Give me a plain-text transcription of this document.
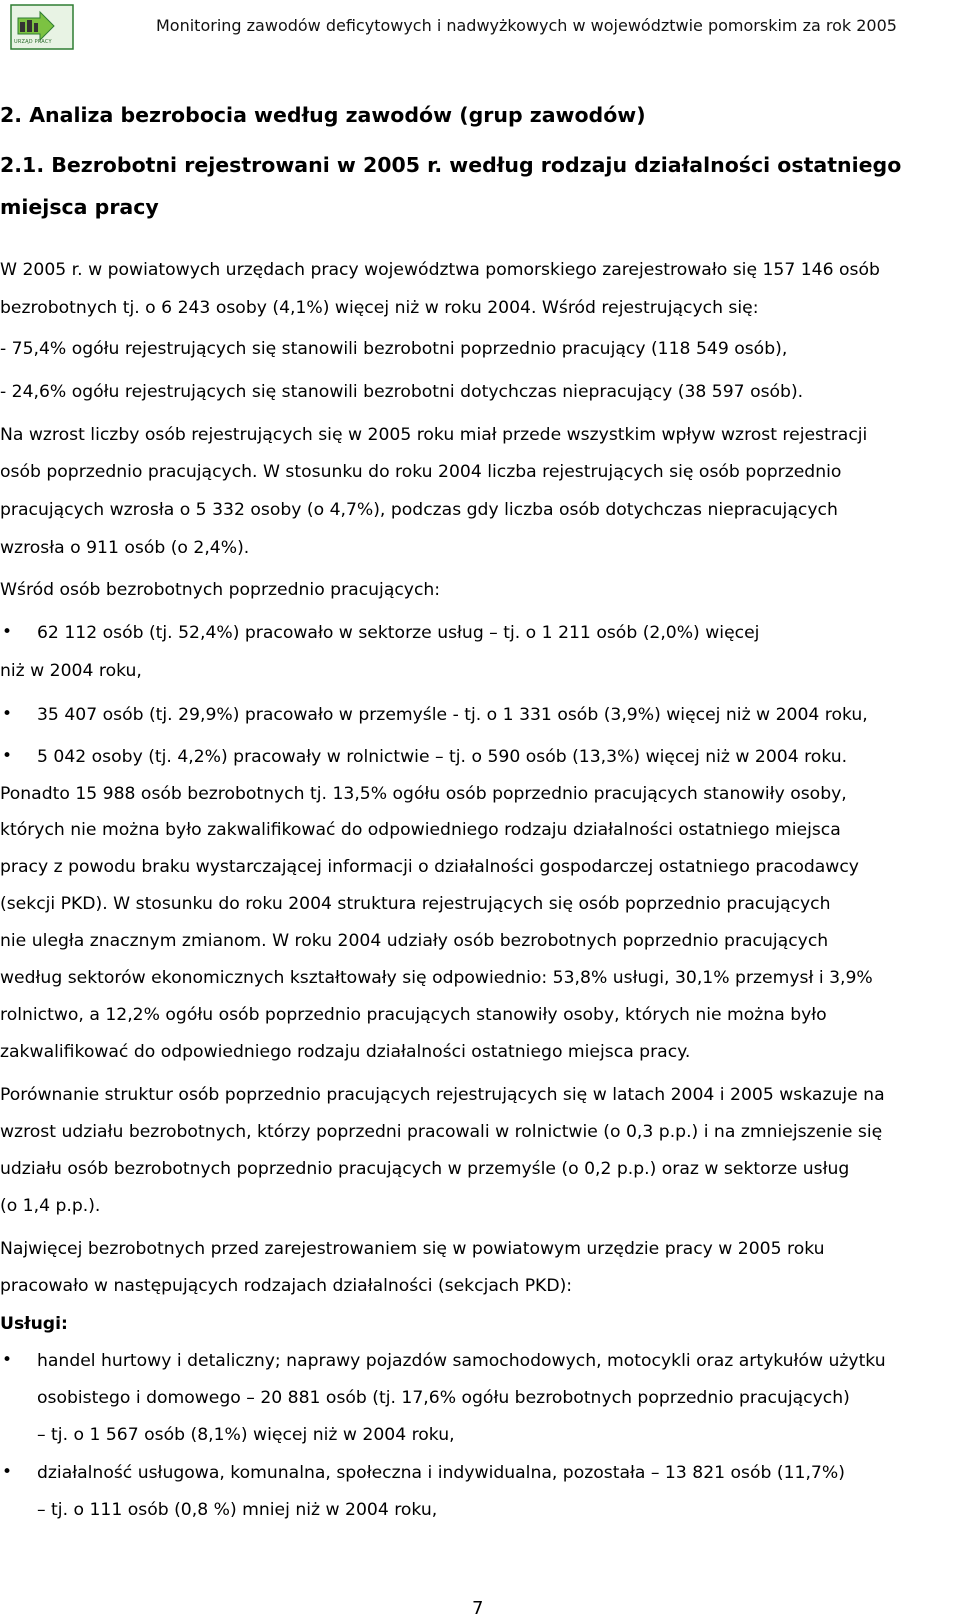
URZĄD PRACY
Monitoring zawodów deficytowych i nadwyżkowych w województwie pomorskim za rok 2005
2. Analiza bezrobocia według zawodów (grup zawodów)
2.1. Bezrobotni rejestrowani w 2005 r. według rodzaju działalności ostatniego
miejsca pracy
W 2005 r. w powiatowych urzędach pracy województwa pomorskiego zarejestrowało się 157 146 osób
bezrobotnych tj. o 6 243 osoby (4,1%) więcej niż w roku 2004. Wśród rejestrujących się:
- 75,4% ogółu rejestrujących się stanowili bezrobotni poprzednio pracujący (118 549 osób),
- 24,6% ogółu rejestrujących się stanowili bezrobotni dotychczas niepracujący (38 597 osób).
Na wzrost liczby osób rejestrujących się w 2005 roku miał przede wszystkim wpływ wzrost rejestracji
osób poprzednio pracujących. W stosunku do roku 2004 liczba rejestrujących się osób poprzednio
pracujących wzrosła o 5 332 osoby (o 4,7%), podczas gdy liczba osób dotychczas niepracujących
wzrosła o 911 osób (o 2,4%).
Wśród osób bezrobotnych poprzednio pracujących:
• 62 112 osób (tj. 52,4%) pracowało w sektorze usług – tj. o 1 211 osób (2,0%) więcej
niż w 2004 roku,
• 35 407 osób (tj. 29,9%) pracowało w przemyśle - tj. o 1 331 osób (3,9%) więcej niż w 2004 roku,
• 5 042 osoby (tj. 4,2%) pracowały w rolnictwie – tj. o 590 osób (13,3%) więcej niż w 2004 roku.
Ponadto 15 988 osób bezrobotnych tj. 13,5% ogółu osób poprzednio pracujących stanowiły osoby,
których nie można było zakwalifikować do odpowiedniego rodzaju działalności ostatniego miejsca
pracy z powodu braku wystarczającej informacji o działalności gospodarczej ostatniego pracodawcy
(sekcji PKD). W stosunku do roku 2004 struktura rejestrujących się osób poprzednio pracujących
nie uległa znacznym zmianom. W roku 2004 udziały osób bezrobotnych poprzednio pracujących
według sektorów ekonomicznych kształtowały się odpowiednio: 53,8% usługi, 30,1% przemysł i 3,9%
rolnictwo, a 12,2% ogółu osób poprzednio pracujących stanowiły osoby, których nie można było
zakwalifikować do odpowiedniego rodzaju działalności ostatniego miejsca pracy.
Porównanie struktur osób poprzednio pracujących rejestrujących się w latach 2004 i 2005 wskazuje na
wzrost udziału bezrobotnych, którzy poprzedni pracowali w rolnictwie (o 0,3 p.p.) i na zmniejszenie się
udziału osób bezrobotnych poprzednio pracujących w przemyśle (o 0,2 p.p.) oraz w sektorze usług
(o 1,4 p.p.).
Najwięcej bezrobotnych przed zarejestrowaniem się w powiatowym urzędzie pracy w 2005 roku
pracowało w następujących rodzajach działalności (sekcjach PKD):
Usługi:
• handel hurtowy i detaliczny; naprawy pojazdów samochodowych, motocykli oraz artykułów użytku
osobistego i domowego – 20 881 osób (tj. 17,6% ogółu bezrobotnych poprzednio pracujących)
– tj. o 1 567 osób (8,1%) więcej niż w 2004 roku,
• działalność usługowa, komunalna, społeczna i indywidualna, pozostała – 13 821 osób (11,7%)
– tj. o 111 osób (0,8 %) mniej niż w 2004 roku,
7
